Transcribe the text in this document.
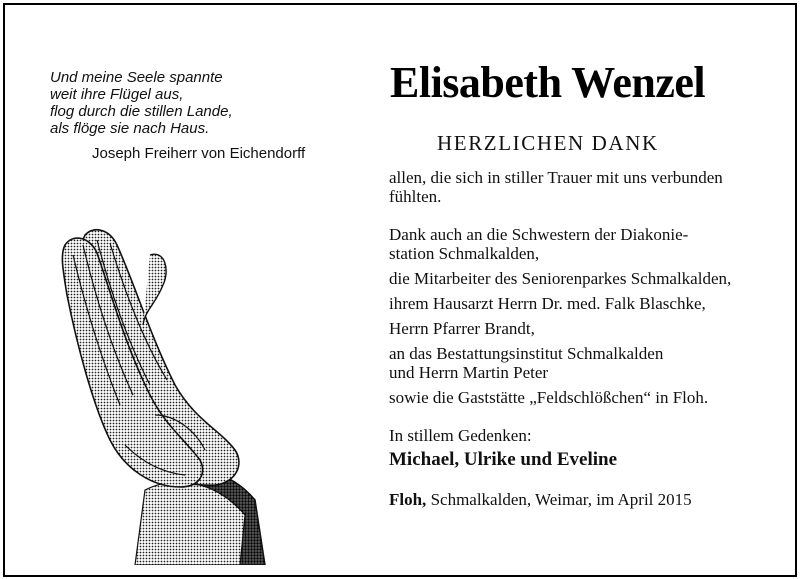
Und meine Seele spannte
weit ihre Flügel aus,
flog durch die stillen Lande,
als flöge sie nach Haus.
Joseph Freiherr von Eichendorff
Elisabeth Wenzel
HERZLICHEN DANK
allen, die sich in stiller Trauer mit uns verbunden
fühlten.
Dank auch an die Schwestern der Diakonie-
station Schmalkalden,
die Mitarbeiter des Seniorenparkes Schmalkalden,
ihrem Hausarzt Herrn Dr. med. Falk Blaschke,
Herrn Pfarrer Brandt,
an das Bestattungsinstitut Schmalkalden
und Herrn Martin Peter
sowie die Gaststätte „Feldschlößchen“ in Floh.
In stillem Gedenken:
Michael, Ulrike und Eveline
Floh, Schmalkalden, Weimar, im April 2015
